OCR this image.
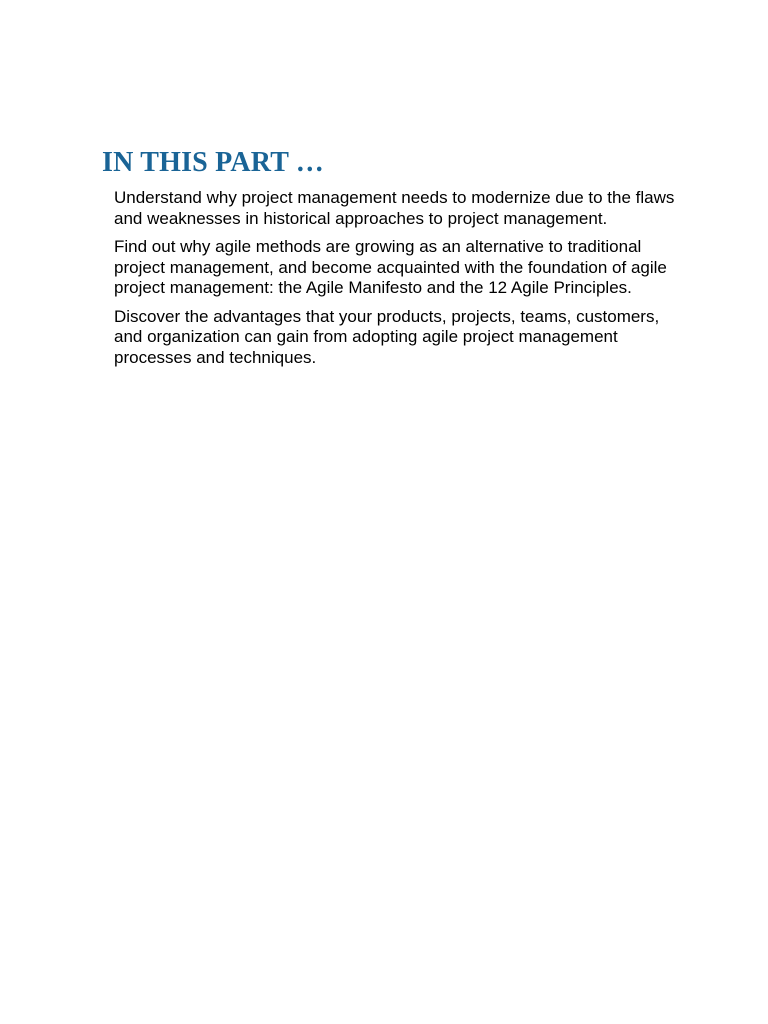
IN THIS PART …
Understand why project management needs to modernize due to the flaws and weaknesses in historical approaches to project management.
Find out why agile methods are growing as an alternative to traditional project management, and become acquainted with the foundation of agile project management: the Agile Manifesto and the 12 Agile Principles.
Discover the advantages that your products, projects, teams, customers, and organization can gain from adopting agile project management processes and techniques.
